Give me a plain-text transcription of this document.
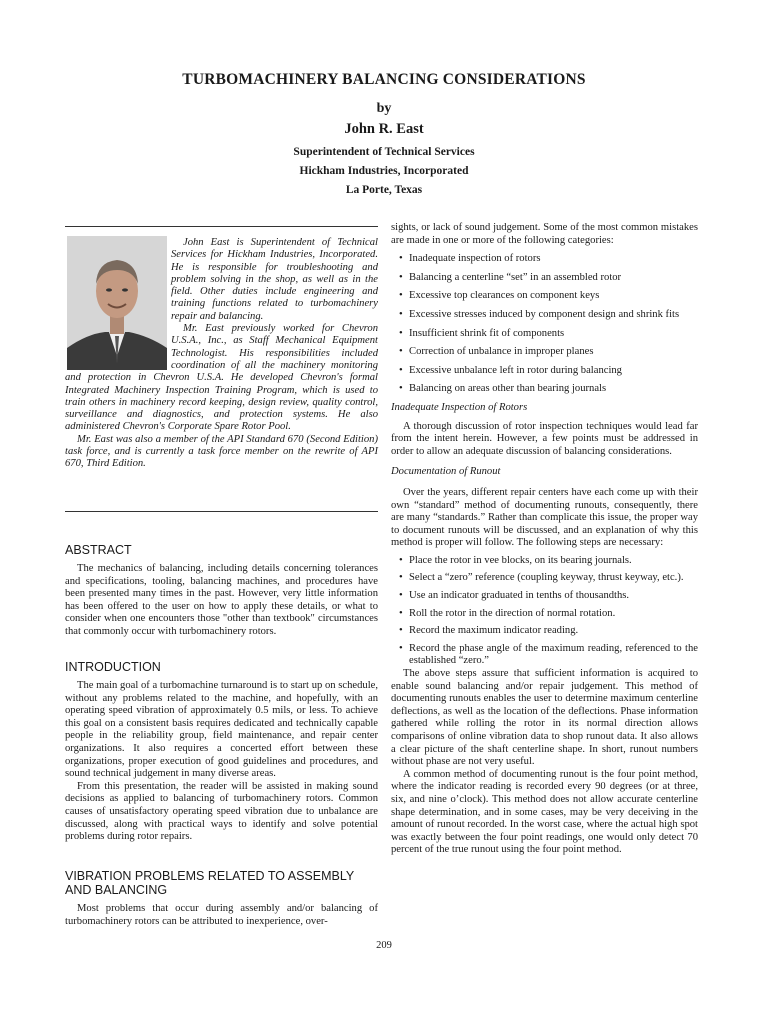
TURBOMACHINERY BALANCING CONSIDERATIONS
by
John R. East
Superintendent of Technical Services
Hickham Industries, Incorporated
La Porte, Texas

John East is Superintendent of Technical Services for Hickham Industries, Incorporated. He is responsible for troubleshooting and problem solving in the shop, as well as in the field. Other duties include engineering and training functions related to turbomachinery repair and balancing.

Mr. East previously worked for Chevron U.S.A., Inc., as Staff Mechanical Equipment Technologist. His responsibilities included coordination of all the machinery monitoring and protection in Chevron U.S.A. He developed Chevron's formal Integrated Machinery Inspection Training Program, which is used to train others in machinery record keeping, design review, quality control, surveillance and diagnostics, and protection systems. He also administered Chevron's Corporate Spare Rotor Pool.

Mr. East was also a member of the API Standard 670 (Second Edition) task force, and is currently a task force member on the rewrite of API 670, Third Edition.

ABSTRACT

The mechanics of balancing, including details concerning tolerances and specifications, tooling, balancing machines, and procedures have been presented many times in the past. However, very little information has been offered to the user on how to apply these details, or what to consider when one encounters those "other than textbook" circumstances that commonly occur with turbomachinery rotors.

INTRODUCTION

The main goal of a turbomachine turnaround is to start up on schedule, without any problems related to the machine, and hopefully, with an operating speed vibration of approximately 0.5 mils, or less. To achieve this goal on a consistent basis requires dedicated and technically capable people in the reliability group, field maintenance, and repair center organizations. It also requires a concerted effort between these organizations, proper execution of good guidelines and procedures, and sound technical judgement in many diverse areas.

From this presentation, the reader will be assisted in making sound decisions as applied to balancing of turbomachinery rotors. Common causes of unsatisfactory operating speed vibration due to unbalance are discussed, along with practical ways to identify and solve potential problems during rotor repairs.

VIBRATION PROBLEMS RELATED TO ASSEMBLY AND BALANCING

Most problems that occur during assembly and/or balancing of turbomachinery rotors can be attributed to inexperience, over-

sights, or lack of sound judgement. Some of the most common mistakes are made in one or more of the following categories:

• Inadequate inspection of rotors
• Balancing a centerline “set” in an assembled rotor
• Excessive top clearances on component keys
• Excessive stresses induced by component design and shrink fits
• Insufficient shrink fit of components
• Correction of unbalance in improper planes
• Excessive unbalance left in rotor during balancing
• Balancing on areas other than bearing journals

Inadequate Inspection of Rotors

A thorough discussion of rotor inspection techniques would lead far from the intent herein. However, a few points must be addressed in order to allow an adequate discussion of balancing considerations.

Documentation of Runout

Over the years, different repair centers have each come up with their own “standard” method of documenting runouts, consequently, there are many “standards.” Rather than complicate this issue, the proper way to document runouts will be discussed, and an explanation of why this method is proper will follow. The following steps are necessary:

• Place the rotor in vee blocks, on its bearing journals.
• Select a “zero” reference (coupling keyway, thrust keyway, etc.).
• Use an indicator graduated in tenths of thousandths.
• Roll the rotor in the direction of normal rotation.
• Record the maximum indicator reading.
• Record the phase angle of the maximum reading, referenced to the established “zero.”

The above steps assure that sufficient information is acquired to enable sound balancing and/or repair judgement. This method of documenting runouts enables the user to determine maximum centerline deflections, as well as the location of the deflections. Phase information gathered while rolling the rotor in its normal direction allows comparisons of online vibration data to shop runout data. It also allows a clear picture of the shaft centerline shape. In short, runout numbers without phase are not very useful.

A common method of documenting runout is the four point method, where the indicator reading is recorded every 90 degrees (or at three, six, and nine o’clock). This method does not allow accurate centerline shape determination, and in some cases, may be very deceiving in the amount of runout recorded. In the worst case, where the actual high spot was exactly between the four point readings, one would only detect 70 percent of the true runout using the four point method.

209
